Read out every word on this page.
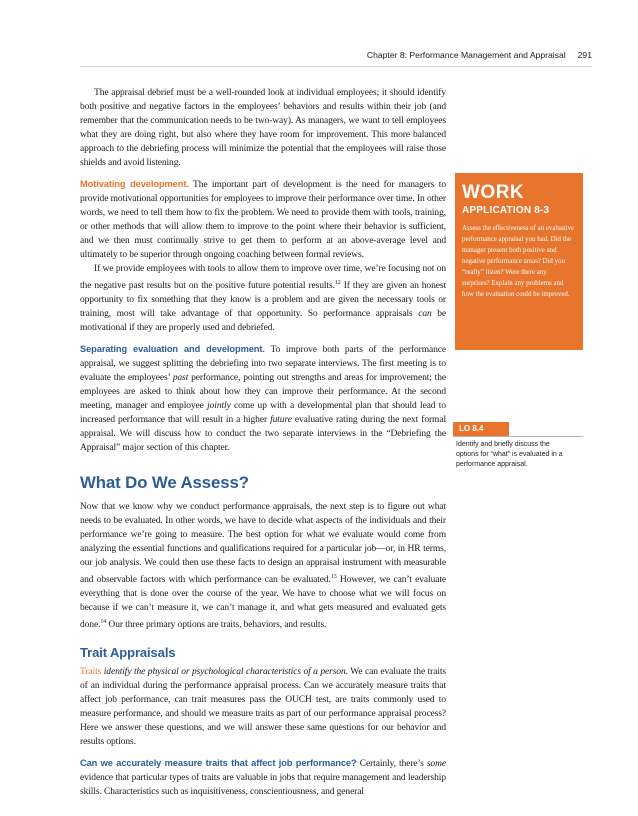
Chapter 8: Performance Management and Appraisal 291

The appraisal debrief must be a well-rounded look at individual employees; it should identify both positive and negative factors in the employees’ behaviors and results within their job (and remember that the communication needs to be two-way). As managers, we want to tell employees what they are doing right, but also where they have room for improvement. This more balanced approach to the debriefing process will minimize the potential that the employees will raise those shields and avoid listening.

Motivating development. The important part of development is the need for managers to provide motivational opportunities for employees to improve their performance over time. In other words, we need to tell them how to fix the problem. We need to provide them with tools, training, or other methods that will allow them to improve to the point where their behavior is sufficient, and we then must continually strive to get them to perform at an above-average level and ultimately to be superior through ongoing coaching between formal reviews.

If we provide employees with tools to allow them to improve over time, we’re focusing not on the negative past results but on the positive future potential results.$^{12}$ If they are given an honest opportunity to fix something that they know is a problem and are given the necessary tools or training, most will take advantage of that opportunity. So performance appraisals can be motivational if they are properly used and debriefed.

Separating evaluation and development. To improve both parts of the performance appraisal, we suggest splitting the debriefing into two separate interviews. The first meeting is to evaluate the employees’ past performance, pointing out strengths and areas for improvement; the employees are asked to think about how they can improve their performance. At the second meeting, manager and employee jointly come up with a developmental plan that should lead to increased performance that will result in a higher future evaluative rating during the next formal appraisal. We will discuss how to conduct the two separate interviews in the “Debriefing the Appraisal” major section of this chapter.

What Do We Assess?

Now that we know why we conduct performance appraisals, the next step is to figure out what needs to be evaluated. In other words, we have to decide what aspects of the individuals and their performance we’re going to measure. The best option for what we evaluate would come from analyzing the essential functions and qualifications required for a particular job—or, in HR terms, our job analysis. We could then use these facts to design an appraisal instrument with measurable and observable factors with which performance can be evaluated.$^{13}$ However, we can’t evaluate everything that is done over the course of the year. We have to choose what we will focus on because if we can’t measure it, we can’t manage it, and what gets measured and evaluated gets done.$^{14}$ Our three primary options are traits, behaviors, and results.

Trait Appraisals

Traits identify the physical or psychological characteristics of a person. We can evaluate the traits of an individual during the performance appraisal process. Can we accurately measure traits that affect job performance, can trait measures pass the OUCH test, are traits commonly used to measure performance, and should we measure traits as part of our performance appraisal process? Here we answer these questions, and we will answer these same questions for our behavior and results options.

Can we accurately measure traits that affect job performance? Certainly, there’s some evidence that particular types of traits are valuable in jobs that require management and leadership skills. Characteristics such as inquisitiveness, conscientiousness, and general

WORK
APPLICATION 8-3
Assess the effectiveness of an evaluative performance appraisal you had. Did the manager present both positive and negative performance areas? Did you “really” listen? Were there any surprises? Explain any problems and how the evaluation could be improved.
LO 8.4
Identify and briefly discuss the options for “what” is evaluated in a performance appraisal.
